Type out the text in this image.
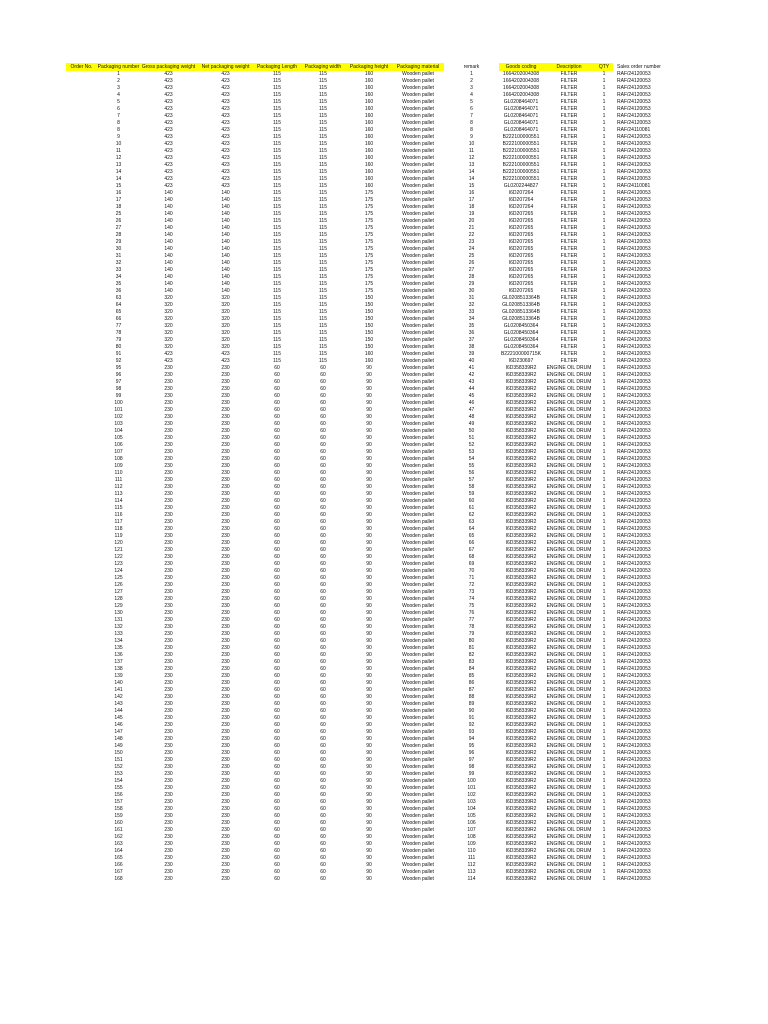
Order No.	Packaging number Gross packaging weight	Net packaging weight	Packaging Length	Packaging width	Packaging height	Packaging material	remark	Goods coding	Description	QTY	Sales order number
1	423	423	115	115	160	Wooden pallet	1	1664202004308	FILTER	1	RAF/24120053
2	423	423	115	115	160	Wooden pallet	2	1664202004308	FILTER	1	RAF/24120053
3	423	423	115	115	160	Wooden pallet	3	1664202004308	FILTER	1	RAF/24120053
4	423	423	115	115	160	Wooden pallet	4	1664202004308	FILTER	1	RAF/24120053
5	423	423	115	115	160	Wooden pallet	5	GL0208464071	FILTER	1	RAF/24120053
6	423	423	115	115	160	Wooden pallet	6	GL0208464071	FILTER	1	RAF/24120053
7	423	423	115	115	160	Wooden pallet	7	GL0208464071	FILTER	1	RAF/24120053
8	423	423	115	115	160	Wooden pallet	8	GL0208464071	FILTER	1	RAF/24120053
8	423	423	115	115	160	Wooden pallet	8	GL0208464071	FILTER	1	RAF/24110081
9	423	423	115	115	160	Wooden pallet	9	B222100000551	FILTER	1	RAF/24120053
10	423	423	115	115	160	Wooden pallet	10	B222100000551	FILTER	1	RAF/24120053
11	423	423	115	115	160	Wooden pallet	11	B222100000551	FILTER	1	RAF/24120053
12	423	423	115	115	160	Wooden pallet	12	B222100000551	FILTER	1	RAF/24120053
13	423	423	115	115	160	Wooden pallet	13	B222100000551	FILTER	1	RAF/24120053
14	423	423	115	115	160	Wooden pallet	14	B222100000551	FILTER	1	RAF/24120053
14	423	423	115	115	160	Wooden pallet	14	B222100000551	FILTER	1	RAF/24120053
15	423	423	115	115	160	Wooden pallet	15	GL0202244827	FILTER	1	RAF/24110081
16	140	140	115	115	175	Wooden pallet	16	I6D207264	FILTER	1	RAF/24120053
17	140	140	115	115	175	Wooden pallet	17	I6D207264	FILTER	1	RAF/24120053
18	140	140	115	115	175	Wooden pallet	18	I6D207264	FILTER	1	RAF/24120053
25	140	140	115	115	175	Wooden pallet	19	I6D207265	FILTER	1	RAF/24120053
26	140	140	115	115	175	Wooden pallet	20	I6D207265	FILTER	1	RAF/24120053
27	140	140	115	115	175	Wooden pallet	21	I6D207265	FILTER	1	RAF/24120053
28	140	140	115	115	175	Wooden pallet	22	I6D207265	FILTER	1	RAF/24120053
29	140	140	115	115	175	Wooden pallet	23	I6D207265	FILTER	1	RAF/24120053
30	140	140	115	115	175	Wooden pallet	24	I6D207265	FILTER	1	RAF/24120053
31	140	140	115	115	175	Wooden pallet	25	I6D207265	FILTER	1	RAF/24120053
32	140	140	115	115	175	Wooden pallet	26	I6D207265	FILTER	1	RAF/24120053
33	140	140	115	115	175	Wooden pallet	27	I6D207265	FILTER	1	RAF/24120053
34	140	140	115	115	175	Wooden pallet	28	I6D207265	FILTER	1	RAF/24120053
35	140	140	115	115	175	Wooden pallet	29	I6D207265	FILTER	1	RAF/24120053
36	140	140	115	115	175	Wooden pallet	30	I6D207265	FILTER	1	RAF/24120053
63	320	320	115	115	150	Wooden pallet	31	GL0208513364B	FILTER	1	RAF/24120053
64	320	320	115	115	150	Wooden pallet	32	GL0208513364B	FILTER	1	RAF/24120053
65	320	320	115	115	150	Wooden pallet	33	GL0208513364B	FILTER	1	RAF/24120053
66	320	320	115	115	150	Wooden pallet	34	GL0208513364B	FILTER	1	RAF/24120053
77	320	320	115	115	150	Wooden pallet	35	GL0208450364	FILTER	1	RAF/24120053
78	320	320	115	115	150	Wooden pallet	36	GL0208450364	FILTER	1	RAF/24120053
79	320	320	115	115	150	Wooden pallet	37	GL0208450364	FILTER	1	RAF/24120053
80	320	320	115	115	150	Wooden pallet	38	GL0208450364	FILTER	1	RAF/24120053
91	423	423	115	115	160	Wooden pallet	39	B222100000715K	FILTER	1	RAF/24120053
92	423	423	115	115	160	Wooden pallet	40	I6D230697	FILTER	1	RAF/24120053
95	230	230	60	60	90	Wooden pallet	41	I6D358339R2	ENGINE OIL DRUM	1	RAF/24120053
96	230	230	60	60	90	Wooden pallet	42	I6D358339R2	ENGINE OIL DRUM	1	RAF/24120053
97	230	230	60	60	90	Wooden pallet	43	I6D358339R2	ENGINE OIL DRUM	1	RAF/24120053
98	230	230	60	60	90	Wooden pallet	44	I6D358339R2	ENGINE OIL DRUM	1	RAF/24120053
99	230	230	60	60	90	Wooden pallet	45	I6D358339R2	ENGINE OIL DRUM	1	RAF/24120053
100	230	230	60	60	90	Wooden pallet	46	I6D358339R2	ENGINE OIL DRUM	1	RAF/24120053
101	230	230	60	60	90	Wooden pallet	47	I6D358339R2	ENGINE OIL DRUM	1	RAF/24120053
102	230	230	60	60	90	Wooden pallet	48	I6D358339R2	ENGINE OIL DRUM	1	RAF/24120053
103	230	230	60	60	90	Wooden pallet	49	I6D358339R2	ENGINE OIL DRUM	1	RAF/24120053
104	230	230	60	60	90	Wooden pallet	50	I6D358339R2	ENGINE OIL DRUM	1	RAF/24120053
105	230	230	60	60	90	Wooden pallet	51	I6D358339R2	ENGINE OIL DRUM	1	RAF/24120053
106	230	230	60	60	90	Wooden pallet	52	I6D358339R2	ENGINE OIL DRUM	1	RAF/24120053
107	230	230	60	60	90	Wooden pallet	53	I6D358339R2	ENGINE OIL DRUM	1	RAF/24120053
108	230	230	60	60	90	Wooden pallet	54	I6D358339R2	ENGINE OIL DRUM	1	RAF/24120053
109	230	230	60	60	90	Wooden pallet	55	I6D358339R2	ENGINE OIL DRUM	1	RAF/24120053
110	230	230	60	60	90	Wooden pallet	56	I6D358339R2	ENGINE OIL DRUM	1	RAF/24120053
111	230	230	60	60	90	Wooden pallet	57	I6D358339R2	ENGINE OIL DRUM	1	RAF/24120053
112	230	230	60	60	90	Wooden pallet	58	I6D358339R2	ENGINE OIL DRUM	1	RAF/24120053
113	230	230	60	60	90	Wooden pallet	59	I6D358339R2	ENGINE OIL DRUM	1	RAF/24120053
114	230	230	60	60	90	Wooden pallet	60	I6D358339R2	ENGINE OIL DRUM	1	RAF/24120053
115	230	230	60	60	90	Wooden pallet	61	I6D358339R2	ENGINE OIL DRUM	1	RAF/24120053
116	230	230	60	60	90	Wooden pallet	62	I6D358339R2	ENGINE OIL DRUM	1	RAF/24120053
117	230	230	60	60	90	Wooden pallet	63	I6D358339R2	ENGINE OIL DRUM	1	RAF/24120053
118	230	230	60	60	90	Wooden pallet	64	I6D358339R2	ENGINE OIL DRUM	1	RAF/24120053
119	230	230	60	60	90	Wooden pallet	65	I6D358339R2	ENGINE OIL DRUM	1	RAF/24120053
120	230	230	60	60	90	Wooden pallet	66	I6D358339R2	ENGINE OIL DRUM	1	RAF/24120053
121	230	230	60	60	90	Wooden pallet	67	I6D358339R2	ENGINE OIL DRUM	1	RAF/24120053
122	230	230	60	60	90	Wooden pallet	68	I6D358339R2	ENGINE OIL DRUM	1	RAF/24120053
123	230	230	60	60	90	Wooden pallet	69	I6D358339R2	ENGINE OIL DRUM	1	RAF/24120053
124	230	230	60	60	90	Wooden pallet	70	I6D358339R2	ENGINE OIL DRUM	1	RAF/24120053
125	230	230	60	60	90	Wooden pallet	71	I6D358339R2	ENGINE OIL DRUM	1	RAF/24120053
126	230	230	60	60	90	Wooden pallet	72	I6D358339R2	ENGINE OIL DRUM	1	RAF/24120053
127	230	230	60	60	90	Wooden pallet	73	I6D358339R2	ENGINE OIL DRUM	1	RAF/24120053
128	230	230	60	60	90	Wooden pallet	74	I6D358339R2	ENGINE OIL DRUM	1	RAF/24120053
129	230	230	60	60	90	Wooden pallet	75	I6D358339R2	ENGINE OIL DRUM	1	RAF/24120053
130	230	230	60	60	90	Wooden pallet	76	I6D358339R2	ENGINE OIL DRUM	1	RAF/24120053
131	230	230	60	60	90	Wooden pallet	77	I6D358339R2	ENGINE OIL DRUM	1	RAF/24120053
132	230	230	60	60	90	Wooden pallet	78	I6D358339R2	ENGINE OIL DRUM	1	RAF/24120053
133	230	230	60	60	90	Wooden pallet	79	I6D358339R2	ENGINE OIL DRUM	1	RAF/24120053
134	230	230	60	60	90	Wooden pallet	80	I6D358339R2	ENGINE OIL DRUM	1	RAF/24120053
135	230	230	60	60	90	Wooden pallet	81	I6D358339R2	ENGINE OIL DRUM	1	RAF/24120053
136	230	230	60	60	90	Wooden pallet	82	I6D358339R2	ENGINE OIL DRUM	1	RAF/24120053
137	230	230	60	60	90	Wooden pallet	83	I6D358339R2	ENGINE OIL DRUM	1	RAF/24120053
138	230	230	60	60	90	Wooden pallet	84	I6D358339R2	ENGINE OIL DRUM	1	RAF/24120053
139	230	230	60	60	90	Wooden pallet	85	I6D358339R2	ENGINE OIL DRUM	1	RAF/24120053
140	230	230	60	60	90	Wooden pallet	86	I6D358339R2	ENGINE OIL DRUM	1	RAF/24120053
141	230	230	60	60	90	Wooden pallet	87	I6D358339R2	ENGINE OIL DRUM	1	RAF/24120053
142	230	230	60	60	90	Wooden pallet	88	I6D358339R2	ENGINE OIL DRUM	1	RAF/24120053
143	230	230	60	60	90	Wooden pallet	89	I6D358339R2	ENGINE OIL DRUM	1	RAF/24120053
144	230	230	60	60	90	Wooden pallet	90	I6D358339R2	ENGINE OIL DRUM	1	RAF/24120053
145	230	230	60	60	90	Wooden pallet	91	I6D358339R2	ENGINE OIL DRUM	1	RAF/24120053
146	230	230	60	60	90	Wooden pallet	92	I6D358339R2	ENGINE OIL DRUM	1	RAF/24120053
147	230	230	60	60	90	Wooden pallet	93	I6D358339R2	ENGINE OIL DRUM	1	RAF/24120053
148	230	230	60	60	90	Wooden pallet	94	I6D358339R2	ENGINE OIL DRUM	1	RAF/24120053
149	230	230	60	60	90	Wooden pallet	95	I6D358339R2	ENGINE OIL DRUM	1	RAF/24120053
150	230	230	60	60	90	Wooden pallet	96	I6D358339R2	ENGINE OIL DRUM	1	RAF/24120053
151	230	230	60	60	90	Wooden pallet	97	I6D358339R2	ENGINE OIL DRUM	1	RAF/24120053
152	230	230	60	60	90	Wooden pallet	98	I6D358339R2	ENGINE OIL DRUM	1	RAF/24120053
153	230	230	60	60	90	Wooden pallet	99	I6D358339R2	ENGINE OIL DRUM	1	RAF/24120053
154	230	230	60	60	90	Wooden pallet	100	I6D358339R2	ENGINE OIL DRUM	1	RAF/24120053
155	230	230	60	60	90	Wooden pallet	101	I6D358339R2	ENGINE OIL DRUM	1	RAF/24120053
156	230	230	60	60	90	Wooden pallet	102	I6D358339R2	ENGINE OIL DRUM	1	RAF/24120053
157	230	230	60	60	90	Wooden pallet	103	I6D358339R2	ENGINE OIL DRUM	1	RAF/24120053
158	230	230	60	60	90	Wooden pallet	104	I6D358339R2	ENGINE OIL DRUM	1	RAF/24120053
159	230	230	60	60	90	Wooden pallet	105	I6D358339R2	ENGINE OIL DRUM	1	RAF/24120053
160	230	230	60	60	90	Wooden pallet	106	I6D358339R2	ENGINE OIL DRUM	1	RAF/24120053
161	230	230	60	60	90	Wooden pallet	107	I6D358339R2	ENGINE OIL DRUM	1	RAF/24120053
162	230	230	60	60	90	Wooden pallet	108	I6D358339R2	ENGINE OIL DRUM	1	RAF/24120053
163	230	230	60	60	90	Wooden pallet	109	I6D358339R2	ENGINE OIL DRUM	1	RAF/24120053
164	230	230	60	60	90	Wooden pallet	110	I6D358339R2	ENGINE OIL DRUM	1	RAF/24120053
165	230	230	60	60	90	Wooden pallet	111	I6D358339R2	ENGINE OIL DRUM	1	RAF/24120053
166	230	230	60	60	90	Wooden pallet	112	I6D358339R2	ENGINE OIL DRUM	1	RAF/24120053
167	230	230	60	60	90	Wooden pallet	113	I6D358339R2	ENGINE OIL DRUM	1	RAF/24120053
168	230	230	60	60	90	Wooden pallet	114	I6D358339R2	ENGINE OIL DRUM	1	RAF/24120053
